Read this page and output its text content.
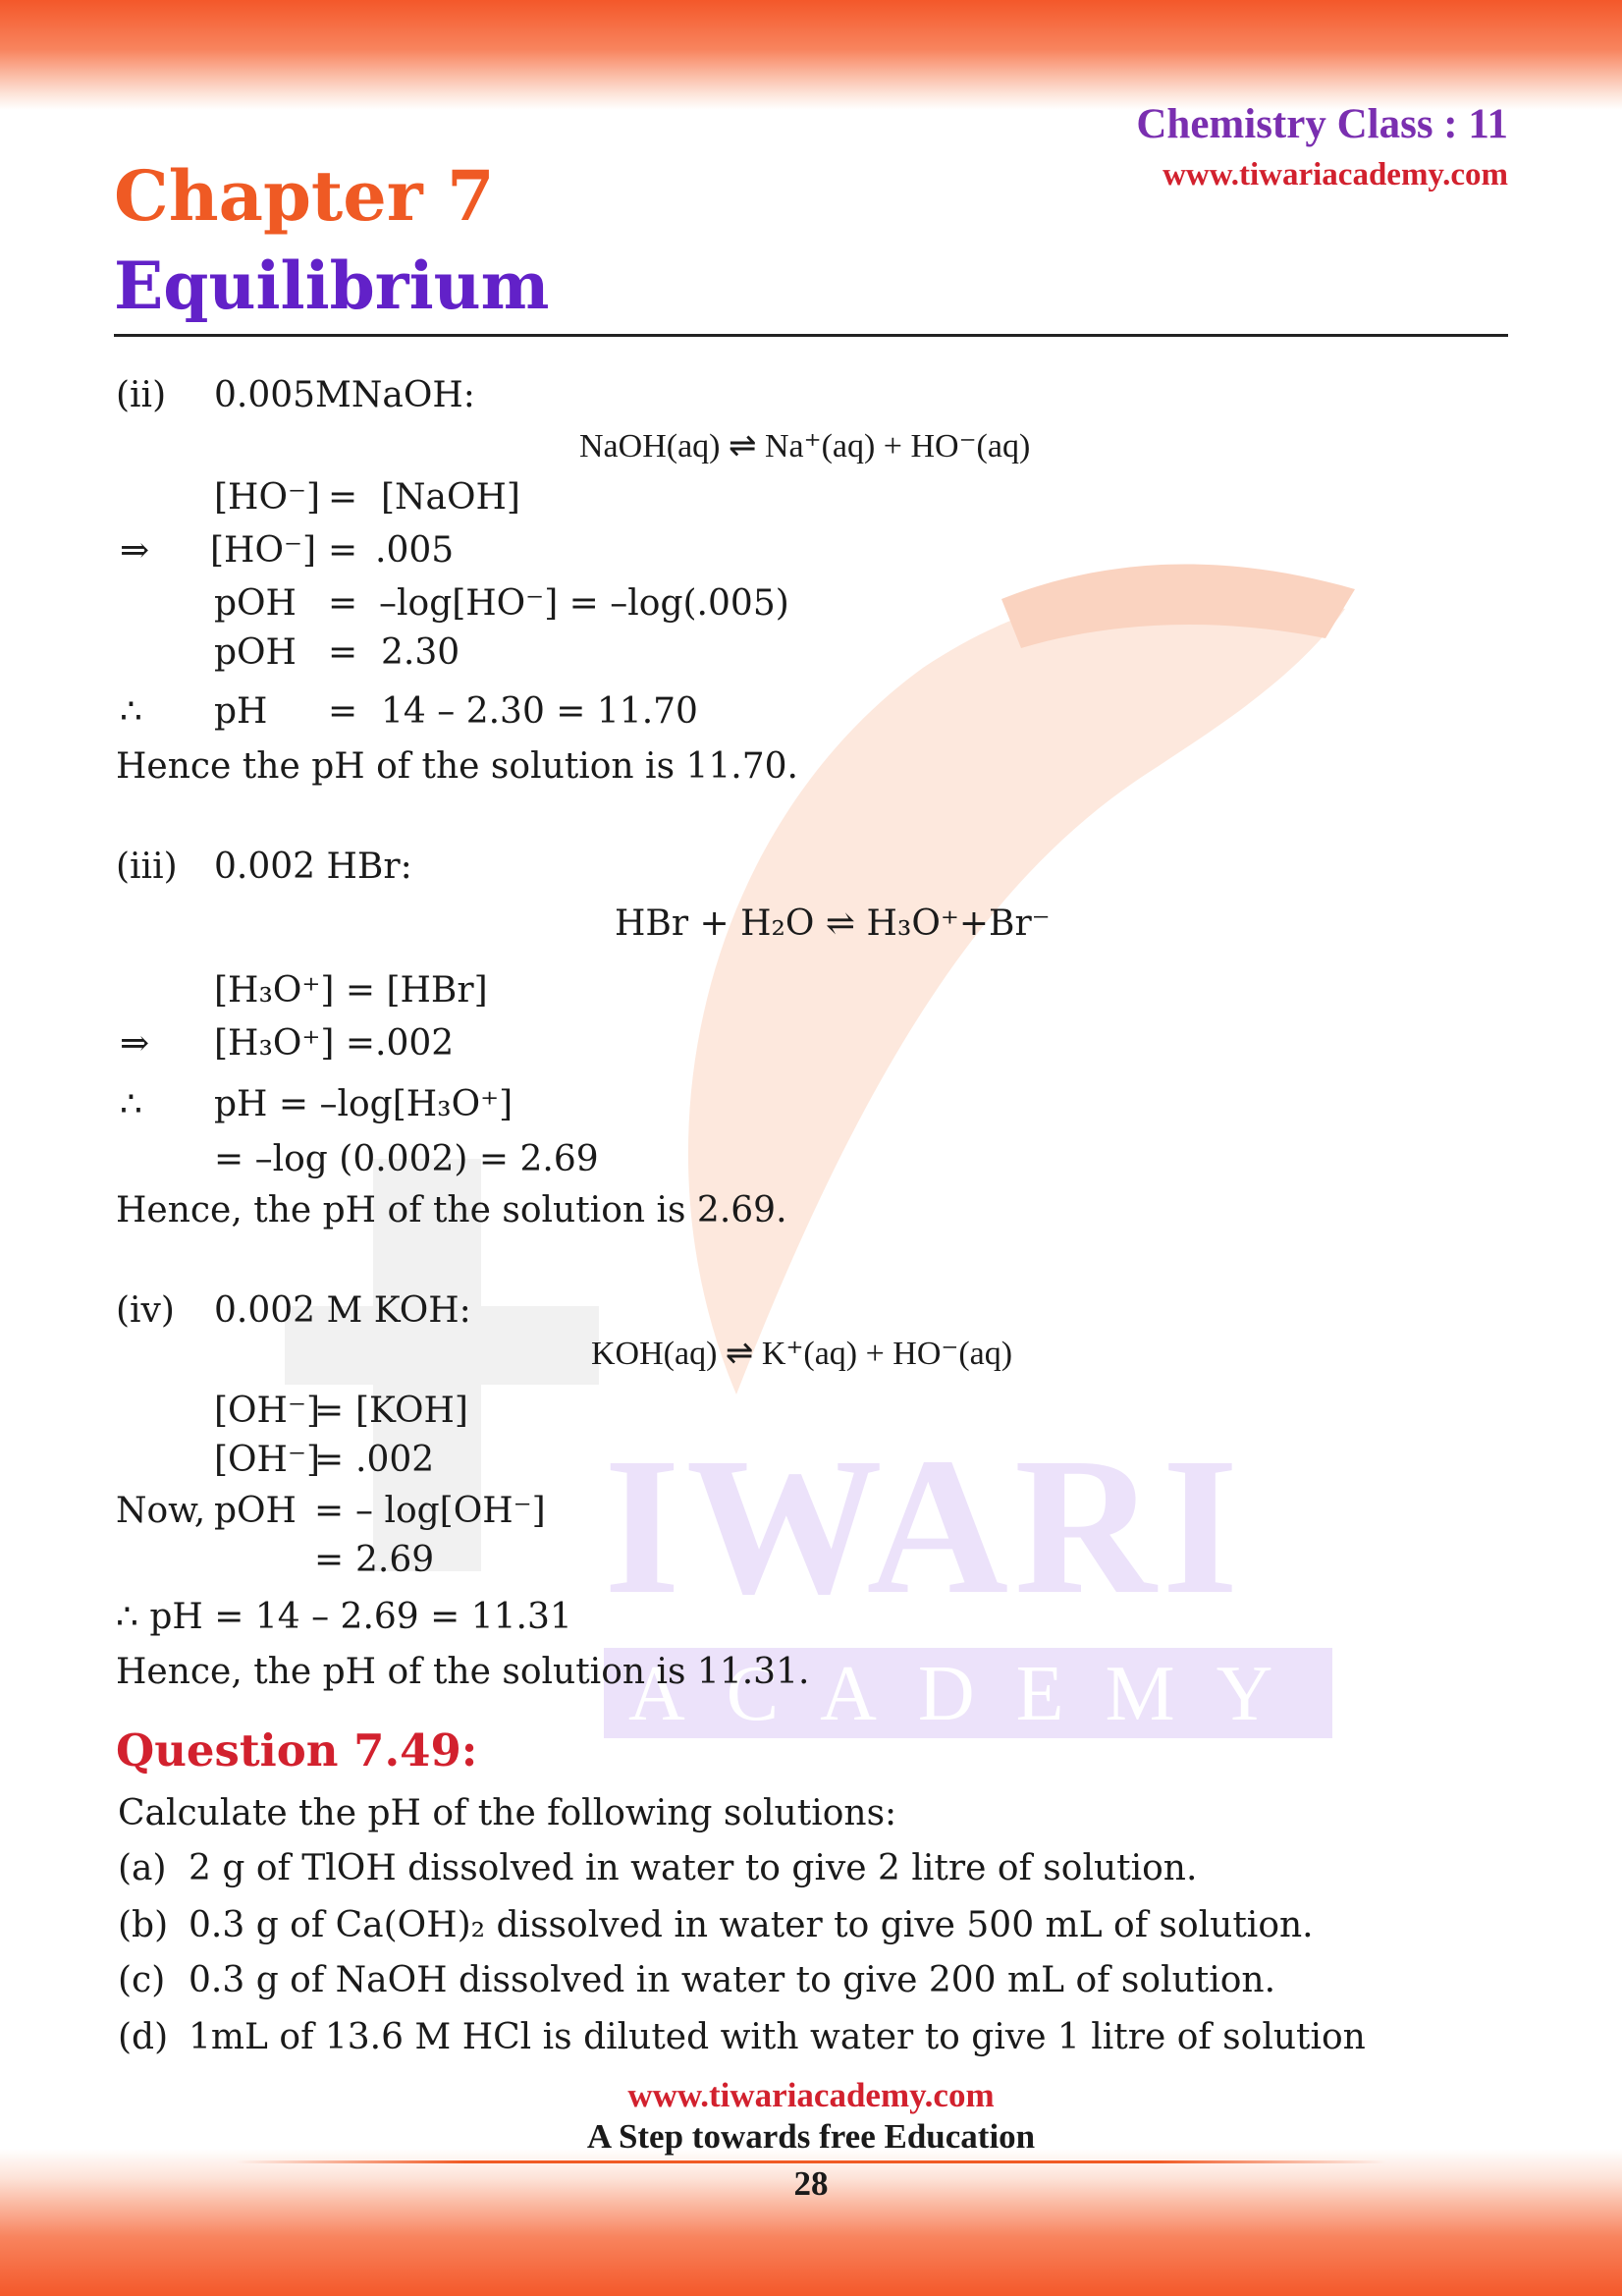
IWARI
ACADEMY
Chemistry Class : 11
www.tiwariacademy.com
Chapter 7
Equilibrium
(ii) 0.005MNaOH:
NaOH(aq) ⇌ Na⁺(aq) + HO⁻(aq)
[HO⁻] = [NaOH]
⇒ [HO⁻] = .005
pOH = –log[HO⁻] = –log(.005)
pOH = 2.30
∴ pH = 14 – 2.30 = 11.70
Hence the pH of the solution is 11.70.
(iii) 0.002 HBr:
HBr + H₂O ⇌ H₃O⁺+Br⁻
[H₃O⁺] = [HBr]
⇒ [H₃O⁺] =.002
∴ pH = –log[H₃O⁺]
= –log (0.002) = 2.69
Hence, the pH of the solution is 2.69.
(iv) 0.002 M KOH:
KOH(aq) ⇌ K⁺(aq) + HO⁻(aq)
[OH⁻]
= [KOH]
[OH⁻]
= .002
Now, pOH = – log[OH⁻]
= 2.69
∴ pH = 14 – 2.69 = 11.31
Hence, the pH of the solution is 11.31.
Question 7.49:
Calculate the pH of the following solutions:
(a) 2 g of TlOH dissolved in water to give 2 litre of solution.
(b) 0.3 g of Ca(OH)₂ dissolved in water to give 500 mL of solution.
(c) 0.3 g of NaOH dissolved in water to give 200 mL of solution.
(d) 1mL of 13.6 M HCl is diluted with water to give 1 litre of solution
www.tiwariacademy.com
A Step towards free Education
28
